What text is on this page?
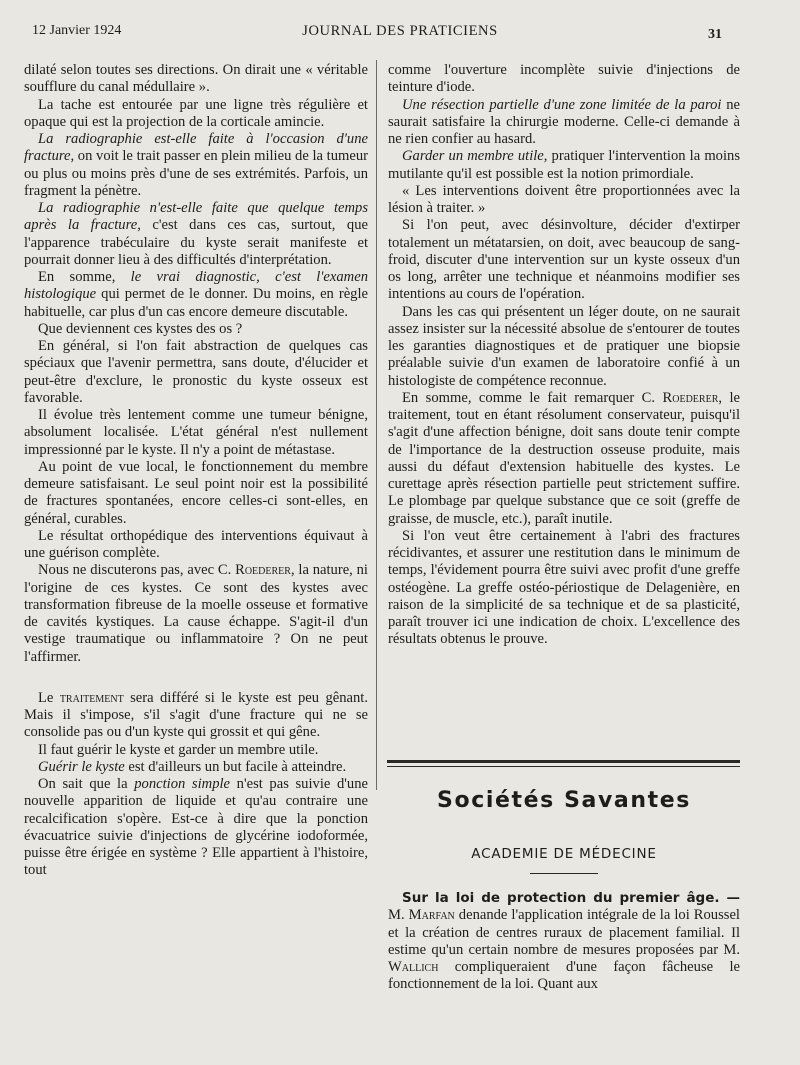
12 Janvier 1924	JOURNAL DES PRATICIENS	31

dilaté selon toutes ses directions. On dirait une « véritable soufflure du canal médullaire ».

La tache est entourée par une ligne très régulière et opaque qui est la projection de la corticale amincie.

La radiographie est-elle faite à l'occasion d'une fracture, on voit le trait passer en plein milieu de la tumeur ou plus ou moins près d'une de ses extrémités. Parfois, un fragment la pénètre.

La radiographie n'est-elle faite que quelque temps après la fracture, c'est dans ces cas, surtout, que l'apparence trabéculaire du kyste serait manifeste et pourrait donner lieu à des difficultés d'interprétation.

En somme, le vrai diagnostic, c'est l'examen histologique qui permet de le donner. Du moins, en règle habituelle, car plus d'un cas encore demeure discutable.

Que deviennent ces kystes des os ?

En général, si l'on fait abstraction de quelques cas spéciaux que l'avenir permettra, sans doute, d'élucider et peut-être d'exclure, le pronostic du kyste osseux est favorable.

Il évolue très lentement comme une tumeur bénigne, absolument localisée. L'état général n'est nullement impressionné par le kyste. Il n'y a point de métastase.

Au point de vue local, le fonctionnement du membre demeure satisfaisant. Le seul point noir est la possibilité de fractures spontanées, encore celles-ci sont-elles, en général, curables.

Le résultat orthopédique des interventions équivaut à une guérison complète.

Nous ne discuterons pas, avec C. Roederer, la nature, ni l'origine de ces kystes. Ce sont des kystes avec transformation fibreuse de la moelle osseuse et formative de cavités kystiques. La cause échappe. S'agit-il d'un vestige traumatique ou inflammatoire ? On ne peut l'affirmer.

Le traitement sera différé si le kyste est peu gênant. Mais il s'impose, s'il s'agit d'une fracture qui ne se consolide pas ou d'un kyste qui grossit et qui gêne.

Il faut guérir le kyste et garder un membre utile.

Guérir le kyste est d'ailleurs un but facile à atteindre.

On sait que la ponction simple n'est pas suivie d'une nouvelle apparition de liquide et qu'au contraire une recalcification s'opère. Est-ce à dire que la ponction évacuatrice suivie d'injections de glycérine iodoformée, puisse être érigée en système ? Elle appartient à l'histoire, tout

comme l'ouverture incomplète suivie d'injections de teinture d'iode.

Une résection partielle d'une zone limitée de la paroi ne saurait satisfaire la chirurgie moderne. Celle-ci demande à ne rien confier au hasard.

Garder un membre utile, pratiquer l'intervention la moins mutilante qu'il est possible est la notion primordiale.

« Les interventions doivent être proportionnées avec la lésion à traiter. »

Si l'on peut, avec désinvolture, décider d'extirper totalement un métatarsien, on doit, avec beaucoup de sang-froid, discuter d'une intervention sur un kyste osseux d'un os long, arrêter une technique et néanmoins modifier ses intentions au cours de l'opération.

Dans les cas qui présentent un léger doute, on ne saurait assez insister sur la nécessité absolue de s'entourer de toutes les garanties diagnostiques et de pratiquer une biopsie préalable suivie d'un examen de laboratoire confié à un histologiste de compétence reconnue.

En somme, comme le fait remarquer C. Roederer, le traitement, tout en étant résolument conservateur, puisqu'il s'agit d'une affection bénigne, doit sans doute tenir compte de l'importance de la destruction osseuse produite, mais aussi du défaut d'extension habituelle des kystes. Le curettage après résection partielle peut strictement suffire. Le plombage par quelque substance que ce soit (greffe de graisse, de muscle, etc.), paraît inutile.

Si l'on veut être certainement à l'abri des fractures récidivantes, et assurer une restitution dans le minimum de temps, l'évidement pourra être suivi avec profit d'une greffe ostéogène. La greffe ostéo-périostique de Delagenière, en raison de la simplicité de sa technique et de sa plasticité, paraît trouver ici une indication de choix. L'excellence des résultats obtenus le prouve.

Sociétés Savantes
ACADEMIE DE MÉDECINE

Sur la loi de protection du premier âge. — M. Marfan denande l'application intégrale de la loi Roussel et la création de centres ruraux de placement familial. Il estime qu'un certain nombre de mesures proposées par M. Wallich compliqueraient d'une façon fâcheuse le fonctionnement de la loi. Quant aux
